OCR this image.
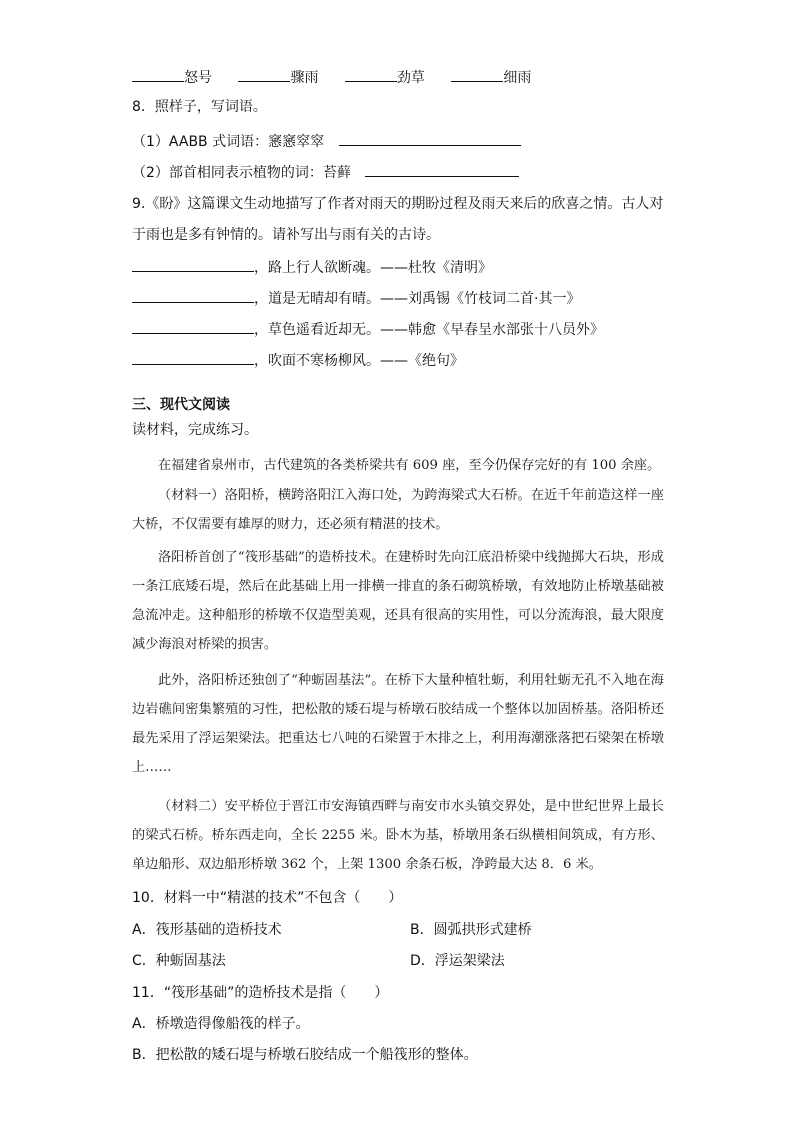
怒号	骤雨	劲草	细雨
8．照样子，写词语。
（1）AABB 式词语：窸窸窣窣
（2）部首相同表示植物的词：苔藓
9.《盼》这篇课文生动地描写了作者对雨天的期盼过程及雨天来后的欣喜之情。古人对
于雨也是多有钟情的。请补写出与雨有关的古诗。
，路上行人欲断魂。——杜牧《清明》
，道是无晴却有晴。——刘禹锡《竹枝词二首·其一》
，草色遥看近却无。——韩愈《早春呈水部张十八员外》
，吹面不寒杨柳风。——《绝句》
三、现代文阅读
读材料，完成练习。
在福建省泉州市，古代建筑的各类桥梁共有 609 座，至今仍保存完好的有 100 余座。
（材料一）洛阳桥，横跨洛阳江入海口处，为跨海梁式大石桥。在近千年前造这样一座大桥，不仅需要有雄厚的财力，还必须有精湛的技术。
洛阳桥首创了“筏形基础”的造桥技术。在建桥时先向江底沿桥梁中线抛掷大石块，形成一条江底矮石堤，然后在此基础上用一排横一排直的条石砌筑桥墩，有效地防止桥墩基础被急流冲走。这种船形的桥墩不仅造型美观，还具有很高的实用性，可以分流海浪，最大限度减少海浪对桥梁的损害。
此外，洛阳桥还独创了“种蛎固基法”。在桥下大量种植牡蛎，利用牡蛎无孔不入地在海边岩礁间密集繁殖的习性，把松散的矮石堤与桥墩石胶结成一个整体以加固桥基。洛阳桥还最先采用了浮运架梁法。把重达七八吨的石梁置于木排之上，利用海潮涨落把石梁架在桥墩上……
（材料二）安平桥位于晋江市安海镇西畔与南安市水头镇交界处，是中世纪世界上最长的梁式石桥。桥东西走向，全长 2255 米。卧木为基，桥墩用条石纵横相间筑成，有方形、单边船形、双边船形桥墩 362 个，上架 1300 余条石板，净跨最大达 8．6 米。
10．材料一中“精湛的技术”不包含（　　）
A．筏形基础的造桥技术	B．圆弧拱形式建桥
C．种蛎固基法	D．浮运架梁法
11．“筏形基础”的造桥技术是指（　　）
A．桥墩造得像船筏的样子。
B．把松散的矮石堤与桥墩石胶结成一个船筏形的整体。
